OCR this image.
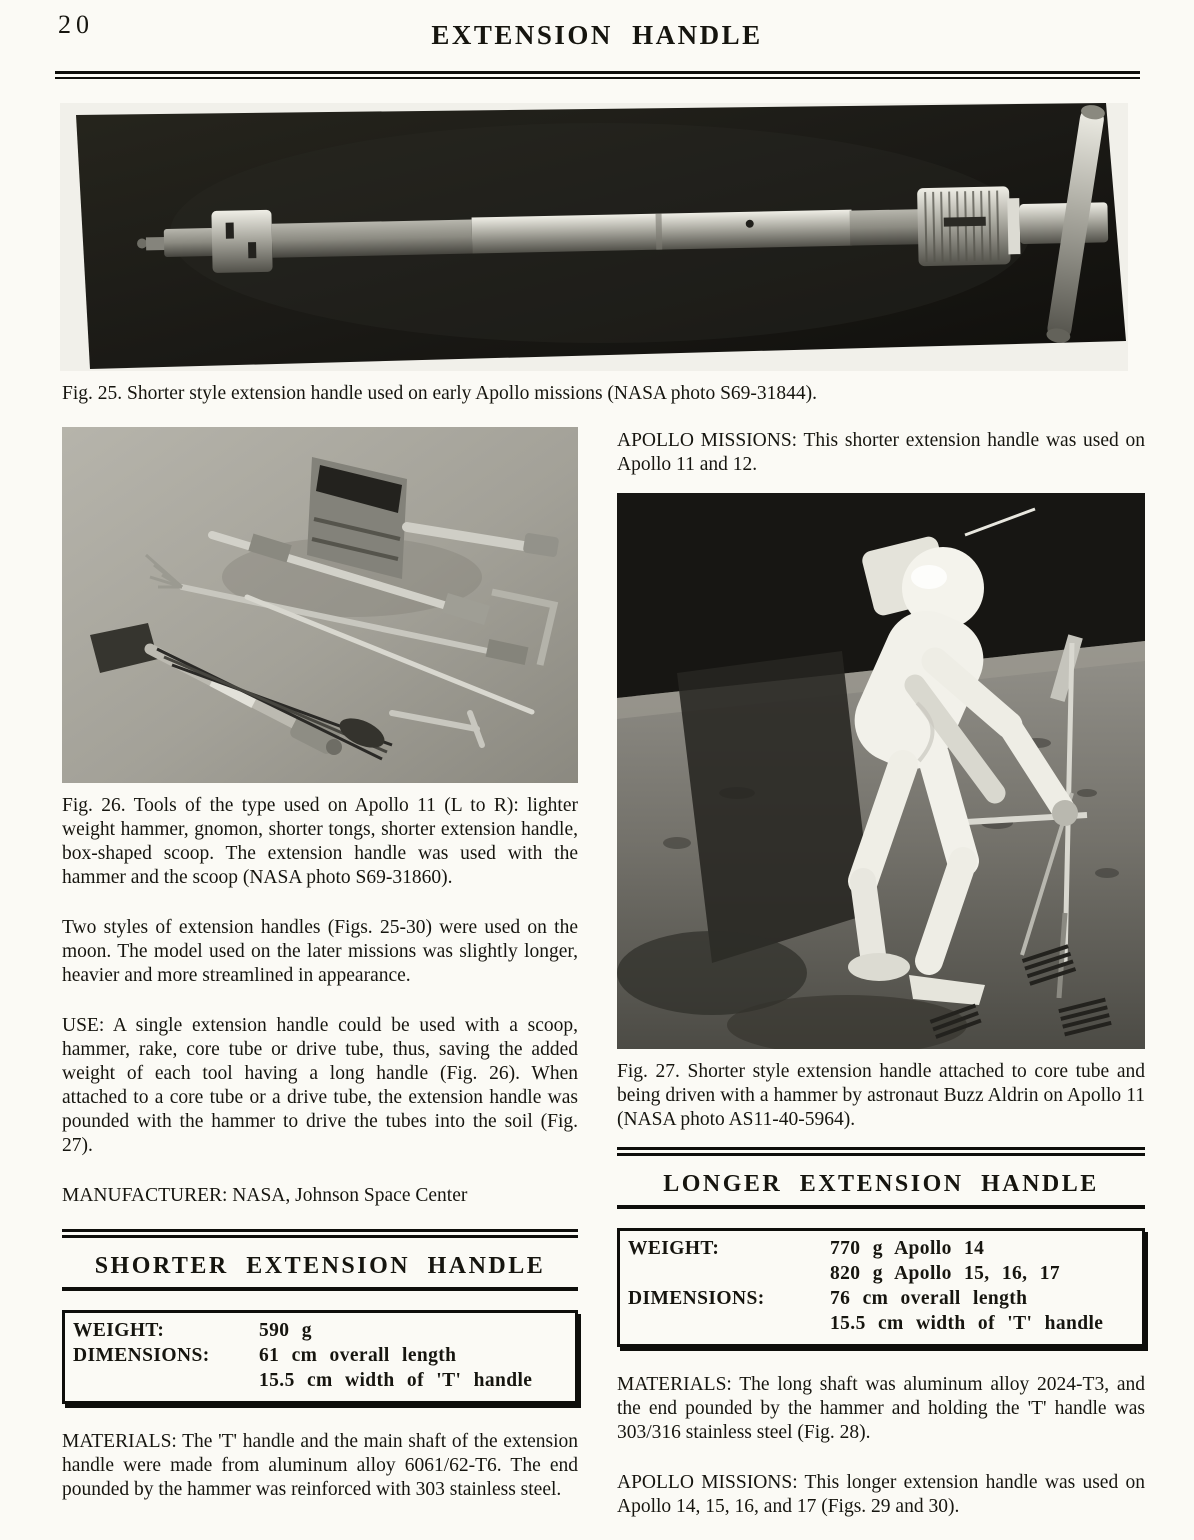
20	EXTENSION HANDLE
Fig. 25. Shorter style extension handle used on early Apollo missions (NASA photo S69-31844).
Fig. 26. Tools of the type used on Apollo 11 (L to R): lighter weight hammer, gnomon, shorter tongs, shorter extension handle, box-shaped scoop. The extension handle was used with the hammer and the scoop (NASA photo S69-31860).
Two styles of extension handles (Figs. 25-30) were used on the moon. The model used on the later missions was slightly longer, heavier and more streamlined in appearance.
USE: A single extension handle could be used with a scoop, hammer, rake, core tube or drive tube, thus, saving the added weight of each tool having a long handle (Fig. 26). When attached to a core tube or a drive tube, the extension handle was pounded with the hammer to drive the tubes into the soil (Fig. 27).
MANUFACTURER: NASA, Johnson Space Center
SHORTER EXTENSION HANDLE
WEIGHT:	590 g
DIMENSIONS:	61 cm overall length
15.5 cm width of 'T' handle
MATERIALS: The 'T' handle and the main shaft of the extension handle were made from aluminum alloy 6061/62-T6. The end pounded by the hammer was reinforced with 303 stainless steel.
APOLLO MISSIONS: This shorter extension handle was used on Apollo 11 and 12.
Fig. 27. Shorter style extension handle attached to core tube and being driven with a hammer by astronaut Buzz Aldrin on Apollo 11 (NASA photo AS11-40-5964).
LONGER EXTENSION HANDLE
WEIGHT:	770 g Apollo 14
820 g Apollo 15, 16, 17
DIMENSIONS:	76 cm overall length
15.5 cm width of 'T' handle
MATERIALS: The long shaft was aluminum alloy 2024-T3, and the end pounded by the hammer and holding the 'T' handle was 303/316 stainless steel (Fig. 28).
APOLLO MISSIONS: This longer extension handle was used on Apollo 14, 15, 16, and 17 (Figs. 29 and 30).
